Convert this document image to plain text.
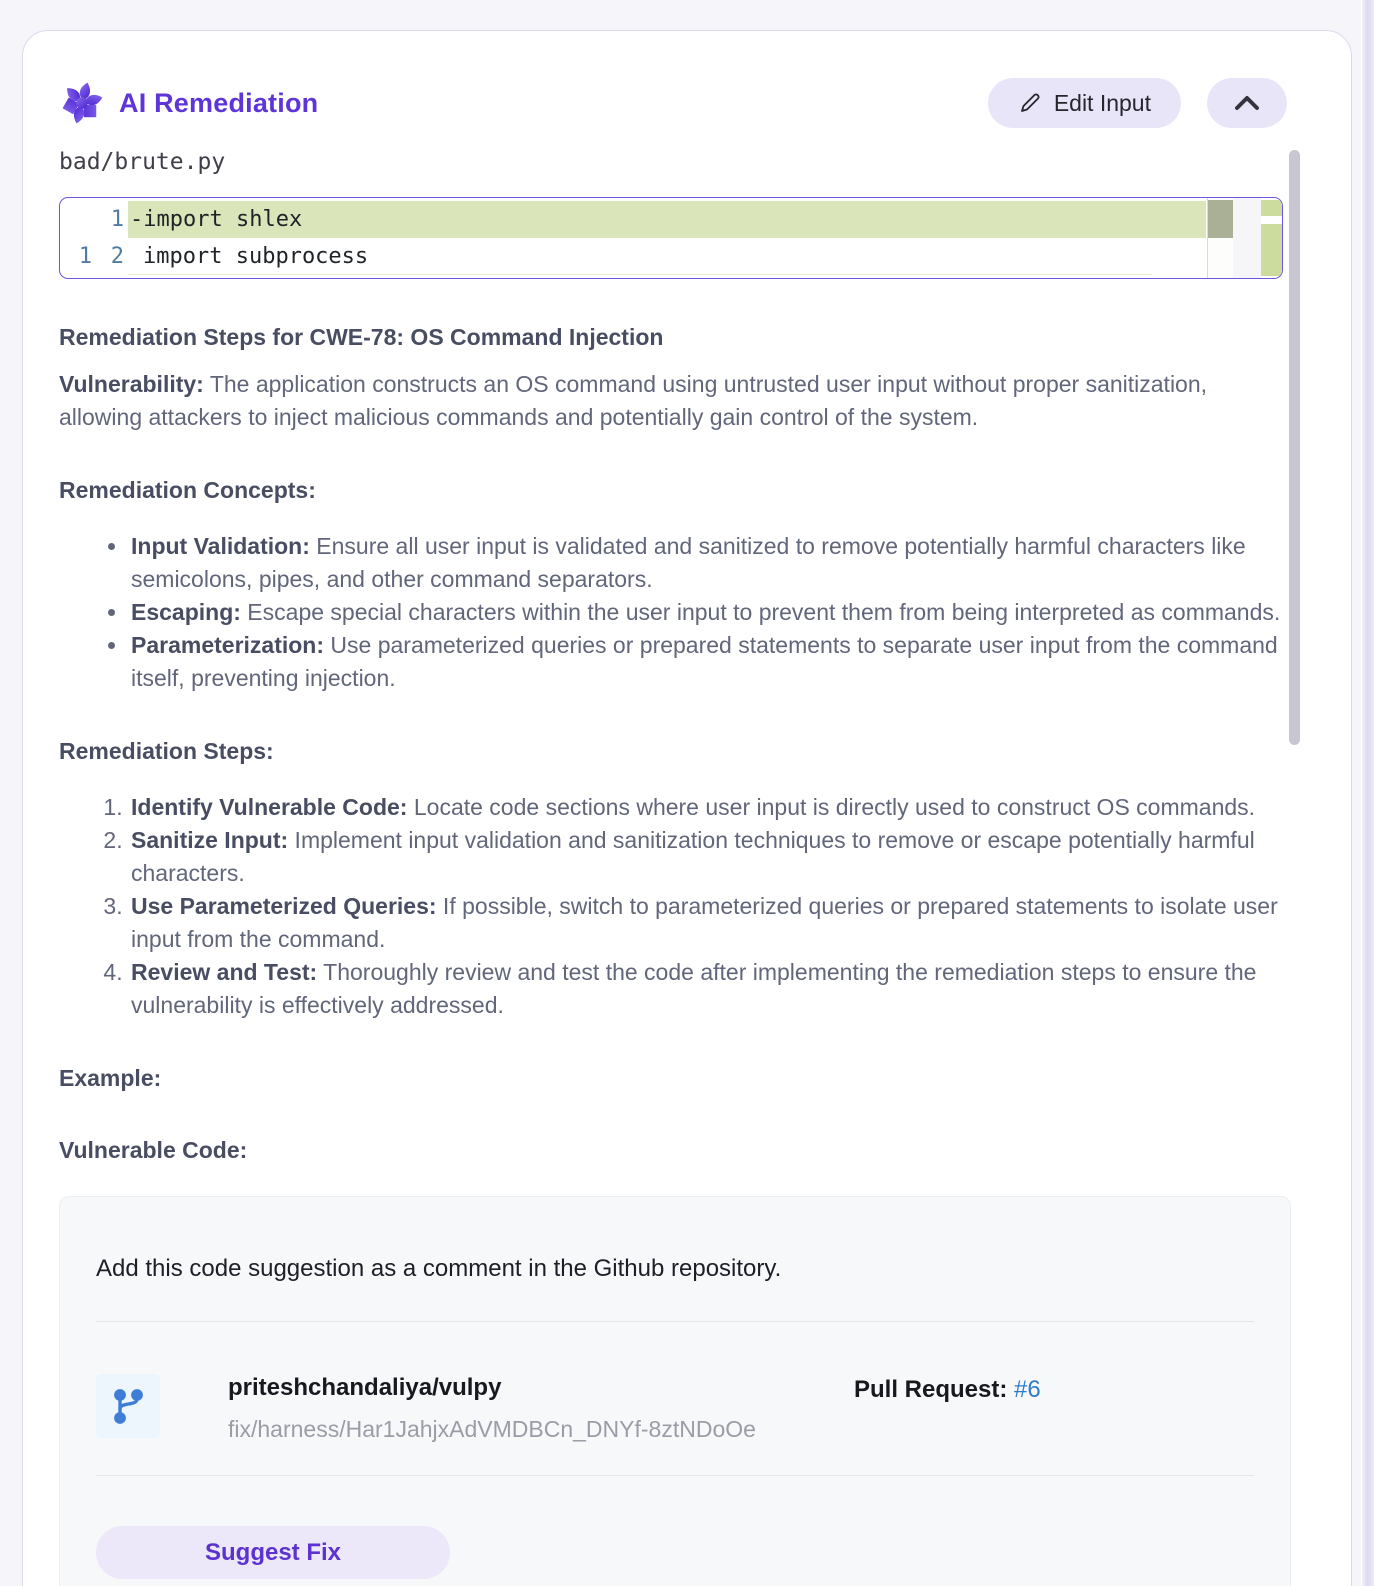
AI Remediation	Edit Input
bad/brute.py
1 - import shlex
1 2 import subprocess
Remediation Steps for CWE-78: OS Command Injection

Vulnerability: The application constructs an OS command using untrusted user input without proper sanitization, allowing attackers to inject malicious commands and potentially gain control of the system.

Remediation Concepts:
• Input Validation: Ensure all user input is validated and sanitized to remove potentially harmful characters like semicolons, pipes, and other command separators.
• Escaping: Escape special characters within the user input to prevent them from being interpreted as commands.
• Parameterization: Use parameterized queries or prepared statements to separate user input from the command itself, preventing injection.
Remediation Steps:
1. Identify Vulnerable Code: Locate code sections where user input is directly used to construct OS commands.
2. Sanitize Input: Implement input validation and sanitization techniques to remove or escape potentially harmful characters.
3. Use Parameterized Queries: If possible, switch to parameterized queries or prepared statements to isolate user input from the command.
4. Review and Test: Thoroughly review and test the code after implementing the remediation steps to ensure the vulnerability is effectively addressed.
Example:
Vulnerable Code:
Add this code suggestion as a comment in the Github repository.
priteshchandaliya/vulpy
fix/harness/Har1JahjxAdVMDBCn_DNYf-8ztNDoOe
Pull Request: #6
Suggest Fix
